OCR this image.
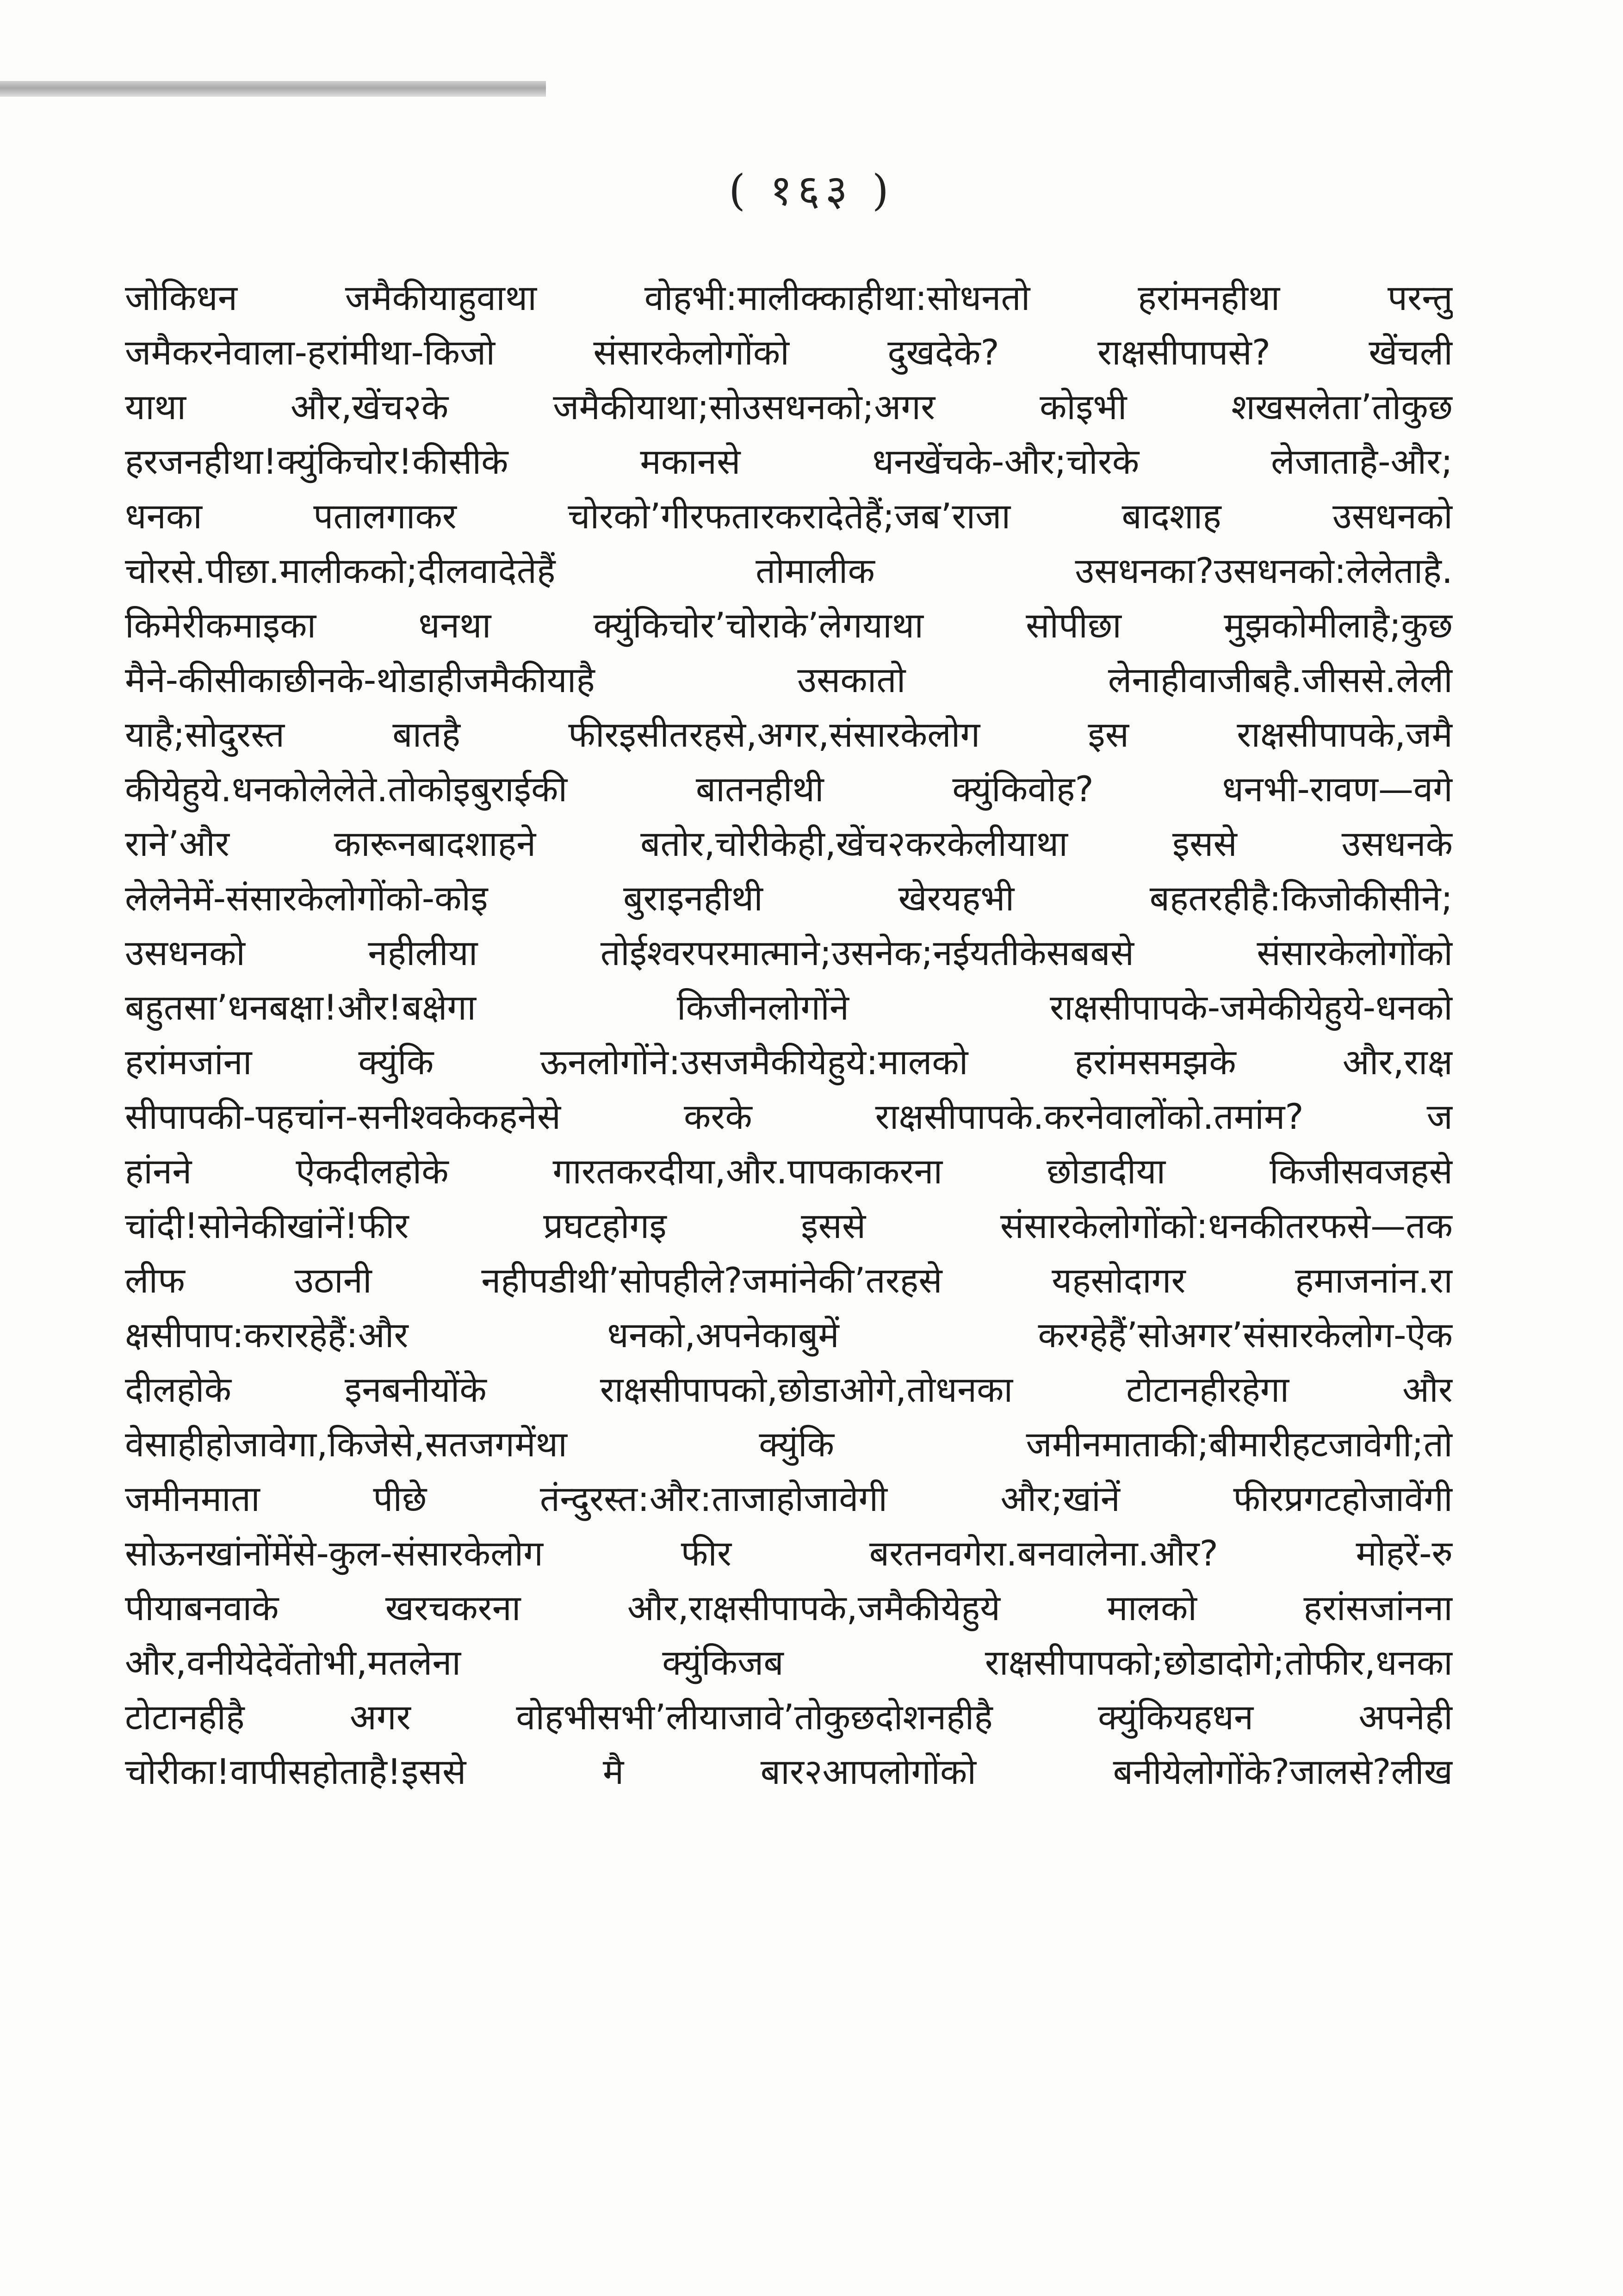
( १६३ )
जोकिधन जमैकीयाहुवाथा वोहभी:मालीक्काहीथा:सोधनतो हरांमनहीथा परन्तु
जमैकरनेवाला-हरांमीथा-किजो संसारकेलोगोंको दुखदेके? राक्षसीपापसे? खेंचली
याथा और,खेंच२के जमैकीयाथा;सोउसधनको;अगर कोइभी शखसलेता’तोकुछ
हरजनहीथा!क्युंकिचोर!कीसीके मकानसे धनखेंचके-और;चोरके लेजाताहै-और;
धनका पतालगाकर चोरको’गीरफतारकरादेतेहैं;जब’राजा बादशाह उसधनको
चोरसे.पीछा.मालीकको;दीलवादेतेहैं तोमालीक उसधनका?उसधनको:लेलेताहै.
किमेरीकमाइका धनथा क्युंकिचोर’चोराके’लेगयाथा सोपीछा मुझकोमीलाहै;कुछ
मैने-कीसीकाछीनके-थोडाहीजमैकीयाहै उसकातो लेनाहीवाजीबहै.जीससे.लेली
याहै;सोदुरस्त बातहै फीरइसीतरहसे,अगर,संसारकेलोग इस राक्षसीपापके,जमै
कीयेहुये.धनकोलेलेते.तोकोइबुराईकी बातनहीथी क्युंकिवोह? धनभी-रावण—वगे
राने’और कारूनबादशाहने बतोर,चोरीकेही,खेंच२करकेलीयाथा इससे उसधनके
लेलेनेमें-संसारकेलोगोंको-कोइ बुराइनहीथी खेरयहभी बहतरहीहै:किजोकीसीने;
उसधनको नहीलीया तोईश्वरपरमात्माने;उसनेक;नईयतीकेसबबसे संसारकेलोगोंको
बहुतसा’धनबक्षा!और!बक्षेगा किजीनलोगोंने राक्षसीपापके-जमेकीयेहुये-धनको
हरांमजांना क्युंकि ऊनलोगोंने:उसजमैकीयेहुये:मालको हरांमसमझके और,राक्ष
सीपापकी-पहचांन-सनीश्वकेकहनेसे करके राक्षसीपापके.करनेवालोंको.तमांम? ज
हांनने ऐकदीलहोके गारतकरदीया,और.पापकाकरना छोडादीया किजीसवजहसे
चांदी!सोनेकीखांनें!फीर प्रघटहोगइ इससे संसारकेलोगोंको:धनकीतरफसे—तक
लीफ उठानी नहीपडीथी’सोपहीले?जमांनेकी’तरहसे यहसोदागर हमाजनांन.रा
क्षसीपाप:करारहेहैं:और धनको,अपनेकाबुमें करग्हेहैं’सोअगर’संसारकेलोग-ऐक
दीलहोके इनबनीयोंके राक्षसीपापको,छोडाओगे,तोधनका टोटानहीरहेगा और
वेसाहीहोजावेगा,किजेसे,सतजगमेंथा क्युंकि जमीनमाताकी;बीमारीहटजावेगी;तो
जमीनमाता पीछे तंन्दुरस्त:और:ताजाहोजावेगी और;खांनें फीरप्रगटहोजावेंगी
सोऊनखांनोंमेंसे-कुल-संसारकेलोग फीर बरतनवगेरा.बनवालेना.और? मोहरें-रु
पीयाबनवाके खरचकरना और,राक्षसीपापके,जमैकीयेहुये मालको हरांसजांनना
और,वनीयेदेवेंतोभी,मतलेना क्युंकिजब राक्षसीपापको;छोडादोगे;तोफीर,धनका
टोटानहीहै अगर वोहभीसभी’लीयाजावे’तोकुछदोशनहीहै क्युंकियहधन अपनेही
चोरीका!वापीसहोताहै!इससे मै बार२आपलोगोंको बनीयेलोगोंके?जालसे?लीख
